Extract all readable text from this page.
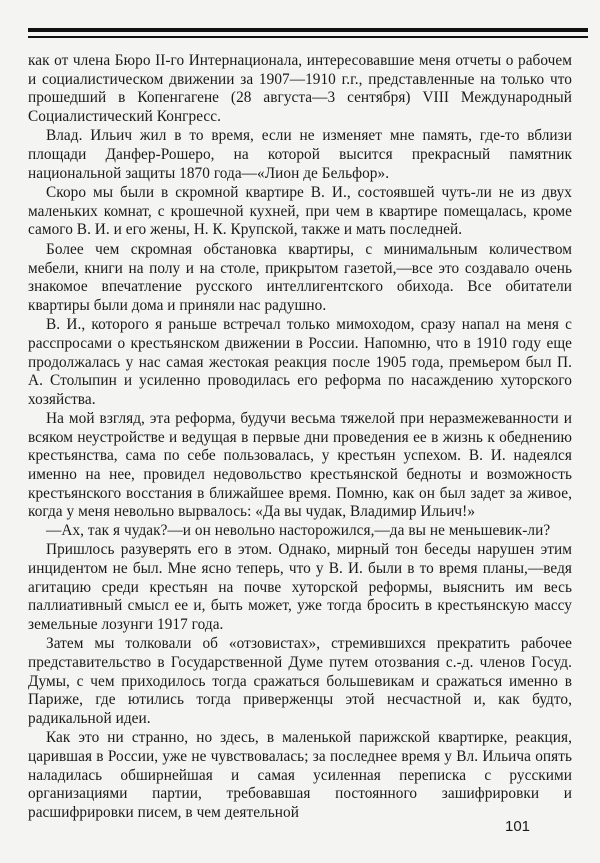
как от члена Бюро II-го Интернационала, интересовавшие меня отчеты о рабочем и социалистическом движении за 1907—1910 г.г., представленные на только что прошедший в Копенгагене (28 августа—3 сентября) VIII Международный Социалистический Конгресс.

Влад. Ильич жил в то время, если не изменяет мне память, где-то вблизи площади Данфер-Рошеро, на которой высится прекрасный памятник национальной защиты 1870 года—«Лион де Бельфор».

Скоро мы были в скромной квартире В. И., состоявшей чуть-ли не из двух маленьких комнат, с крошечной кухней, при чем в квартире помещалась, кроме самого В. И. и его жены, Н. К. Крупской, также и мать последней.

Более чем скромная обстановка квартиры, с минимальным количеством мебели, книги на полу и на столе, прикрытом газетой,—все это создавало очень знакомое впечатление русского интеллигентского обихода. Все обитатели квартиры были дома и приняли нас радушно.

В. И., которого я раньше встречал только мимоходом, сразу напал на меня с расспросами о крестьянском движении в России. Напомню, что в 1910 году еще продолжалась у нас самая жестокая реакция после 1905 года, премьером был П. А. Столыпин и усиленно проводилась его реформа по насаждению хуторского хозяйства.

На мой взгляд, эта реформа, будучи весьма тяжелой при неразмежеванности и всяком неустройстве и ведущая в первые дни проведения ее в жизнь к обеднению крестьянства, сама по себе пользовалась, у крестьян успехом. В. И. надеялся именно на нее, провидел недовольство крестьянской бедноты и возможность крестьянского восстания в ближайшее время. Помню, как он был задет за живое, когда у меня невольно вырвалось: «Да вы чудак, Владимир Ильич!»

—Ах, так я чудак?—и он невольно насторожился,—да вы не меньшевик-ли?

Пришлось разуверять его в этом. Однако, мирный тон беседы нарушен этим инцидентом не был. Мне ясно теперь, что у В. И. были в то время планы,—ведя агитацию среди крестьян на почве хуторской реформы, выяснить им весь паллиативный смысл ее и, быть может, уже тогда бросить в крестьянскую массу земельные лозунги 1917 года.

Затем мы толковали об «отзовистах», стремившихся прекратить рабочее представительство в Государственной Думе путем отозвания с.-д. членов Госуд. Думы, с чем приходилось тогда сражаться большевикам и сражаться именно в Париже, где ютились тогда приверженцы этой несчастной и, как будто, радикальной идеи.

Как это ни странно, но здесь, в маленькой парижской квартирке, реакция, царившая в России, уже не чувствовалась; за последнее время у Вл. Ильича опять наладилась обширнейшая и самая усиленная переписка с русскими организациями партии, требовавшая постоянного зашифрировки и расшифрировки писем, в чем деятельной

101
